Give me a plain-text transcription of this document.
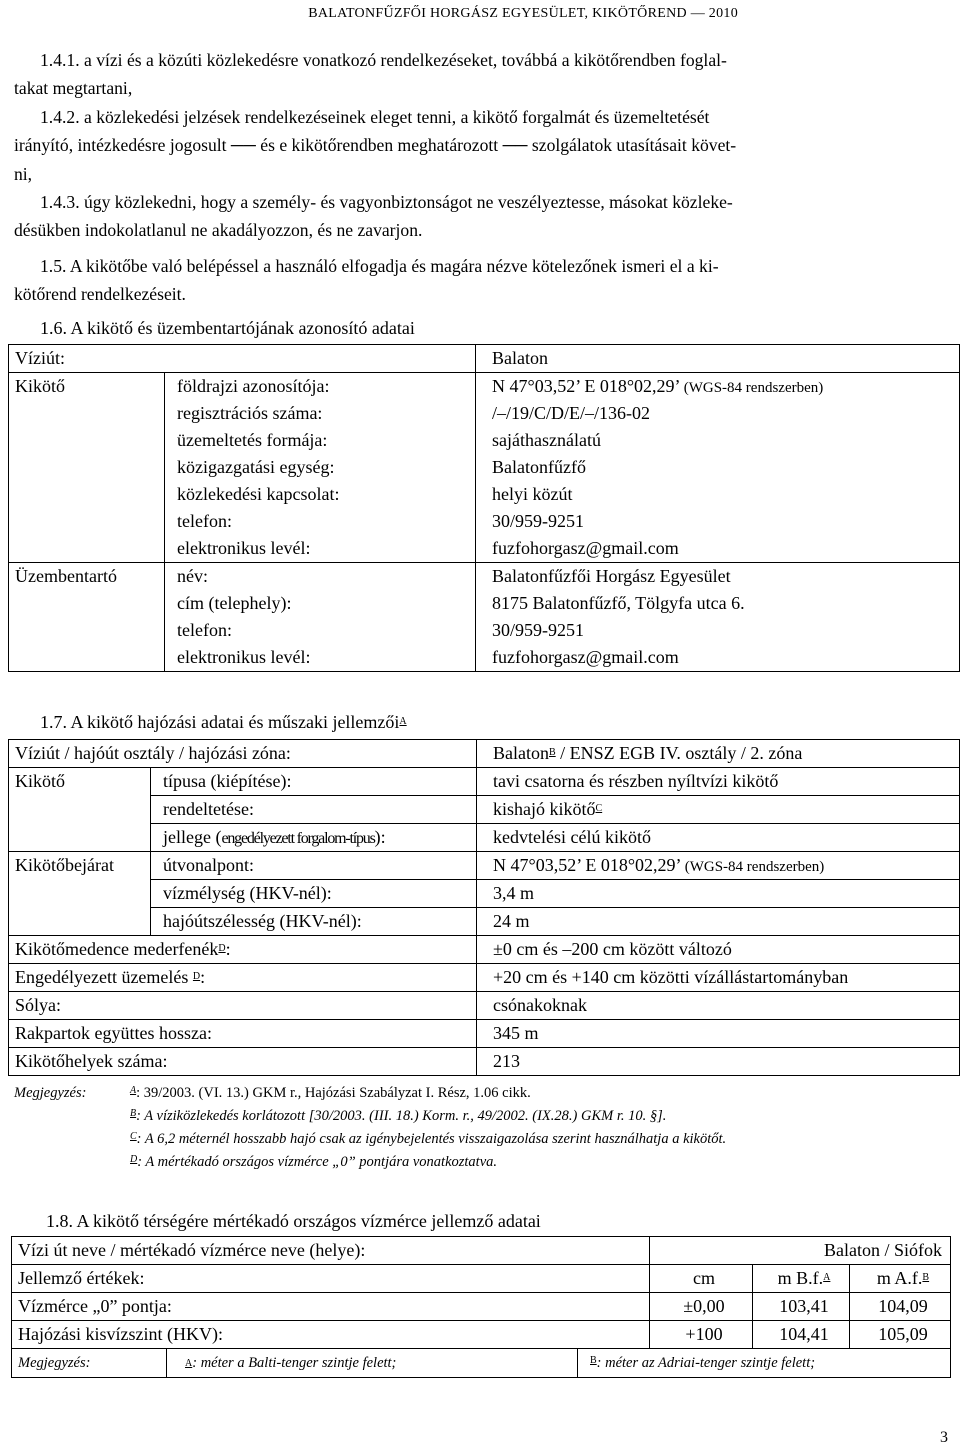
BALATONFŰZFŐI HORGÁSZ EGYESÜLET, KIKÖTŐREND — 2010
1.4.1. a vízi és a közúti közlekedésre vonatkozó rendelkezéseket, továbbá a kikötőrendben foglal-
takat megtartani,
1.4.2. a közlekedési jelzések rendelkezéseinek eleget tenni, a kikötő forgalmát és üzemeltetését
irányító, intézkedésre jogosult ── és e kikötőrendben meghatározott ── szolgálatok utasításait követ-
ni,
1.4.3. úgy közlekedni, hogy a személy- és vagyonbiztonságot ne veszélyeztesse, másokat közleke-
désükben indokolatlanul ne akadályozzon, és ne zavarjon.
1.5. A kikötőbe való belépéssel a használó elfogadja és magára nézve kötelezőnek ismeri el a ki-
kötőrend rendelkezéseit.
1.6. A kikötő és üzembentartójának azonosító adatai
Víziút:		Balaton
Kikötő	földrajzi azonosítója:	N 47°03,52’ E 018°02,29’ (WGS-84 rendszerben)
	regisztrációs száma:	/–/19/C/D/E/–/136-02
	üzemeltetés formája:	sajáthasználatú
	közigazgatási egység:	Balatonfűzfő
	közlekedési kapcsolat:	helyi közút
	telefon:	30/959-9251
	elektronikus levél:	fuzfohorgasz@gmail.com
Üzembentartó	név:	Balatonfűzfői Horgász Egyesület
	cím (telephely):	8175 Balatonfűzfő, Tölgyfa utca 6.
	telefon:	30/959-9251
	elektronikus levél:	fuzfohorgasz@gmail.com
1.7. A kikötő hajózási adatai és műszaki jellemzői$^A$
Víziút / hajóút osztály / hajózási zóna:		Balaton$^B$ / ENSZ EGB IV. osztály / 2. zóna
Kikötő	típusa (kiépítése):	tavi csatorna és részben nyíltvízi kikötő
	rendeltetése:	kishajó kikötő$^C$
	jellege (engedélyezett forgalom-típus):	kedvtelési célú kikötő
Kikötőbejárat	útvonalpont:	N 47°03,52’ E 018°02,29’ (WGS-84 rendszerben)
	vízmélység (HKV-nél):	3,4 m
	hajóútszélesség (HKV-nél):	24 m
Kikötőmedence mederfenék$^D$:		±0 cm és –200 cm között változó
Engedélyezett üzemelés $^D$:		+20 cm és +140 cm közötti vízállástartományban
Sólya:		csónakoknak
Rakpartok együttes hossza:		345 m
Kikötőhelyek száma:		213
Megjegyzés:	$^A$: 39/2003. (VI. 13.) GKM r., Hajózási Szabályzat I. Rész, 1.06 cikk.
$^B$: A víziközlekedés korlátozott [30/2003. (III. 18.) Korm. r., 49/2002. (IX.28.) GKM r. 10. §].
$^C$: A 6,2 méternél hosszabb hajó csak az igénybejelentés visszaigazolása szerint használhatja a kikötőt.
$^D$: A mértékadó országos vízmérce „0” pontjára vonatkoztatva.
1.8. A kikötő térségére mértékadó országos vízmérce jellemző adatai
Vízi út neve / mértékadó vízmérce neve (helye):	Balaton / Siófok		
Jellemző értékek:	cm	m B.f.$^A$	m A.f.$^B$
Vízmérce „0” pontja:	±0,00	103,41	104,09
Hajózási kisvízszint (HKV):	+100	104,41	105,09

Megjegyzés: A : méter a Balti-tenger szintje felett; $^B$: méter az Adriai-tenger szintje felett;			
3
